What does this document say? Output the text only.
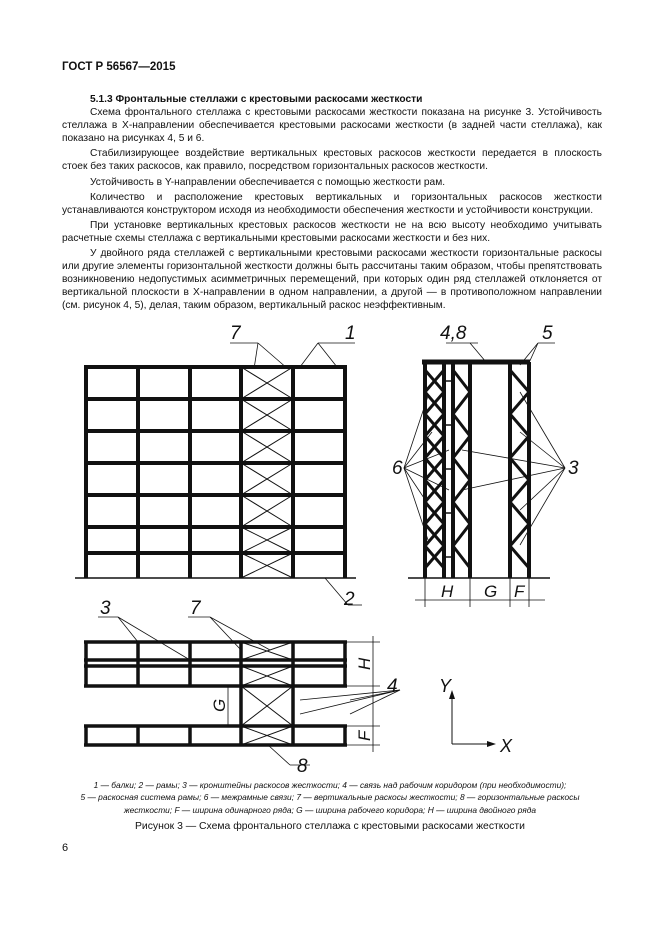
ГОСТ Р 56567—2015

5.1.3 Фронтальные стеллажи с крестовыми раскосами жесткости

Схема фронтального стеллажа с крестовыми раскосами жесткости показана на рисунке 3. Устойчивость стеллажа в X-направлении обеспечивается крестовыми раскосами жесткости (в задней части стеллажа), как показано на рисунках 4, 5 и 6.

Стабилизирующее воздействие вертикальных крестовых раскосов жесткости передается в плоскость стоек без таких раскосов, как правило, посредством горизонтальных раскосов жесткости.

Устойчивость в Y-направлении обеспечивается с помощью жесткости рам.

Количество и расположение крестовых вертикальных и горизонтальных раскосов жесткости устанавливаются конструктором исходя из необходимости обеспечения жесткости и устойчивости конструкции.

При установке вертикальных крестовых раскосов жесткости не на всю высоту необходимо учитывать расчетные схемы стеллажа с вертикальными крестовыми раскосами жесткости и без них.

У двойного ряда стеллажей с вертикальными крестовыми раскосами жесткости горизонтальные раскосы или другие элементы горизонтальной жесткости должны быть рассчитаны таким образом, чтобы препятствовать возникновению недопустимых асимметричных перемещений, при которых один ряд стеллажей отклоняется от вертикальной плоскости в X-направлении в одном направлении, а другой — в противоположном направлении (см. рисунок 4, 5), делая, таким образом, вертикальный раскос неэффективным.

7	1
2
4,8	5
6	3
H G F
3	7
4
8
H
G
F
Y
X
1 — балки; 2 — рамы; 3 — кронштейны раскосов жесткости; 4 — связь над рабочим коридором (при необходимости);
5 — раскосная система рамы; 6 — межрамные связи; 7 — вертикальные раскосы жесткости; 8 — горизонтальные раскосы
жесткости; F — ширина одинарного ряда; G — ширина рабочего коридора; H — ширина двойного ряда
Рисунок 3 — Схема фронтального стеллажа с крестовыми раскосами жесткости
6
